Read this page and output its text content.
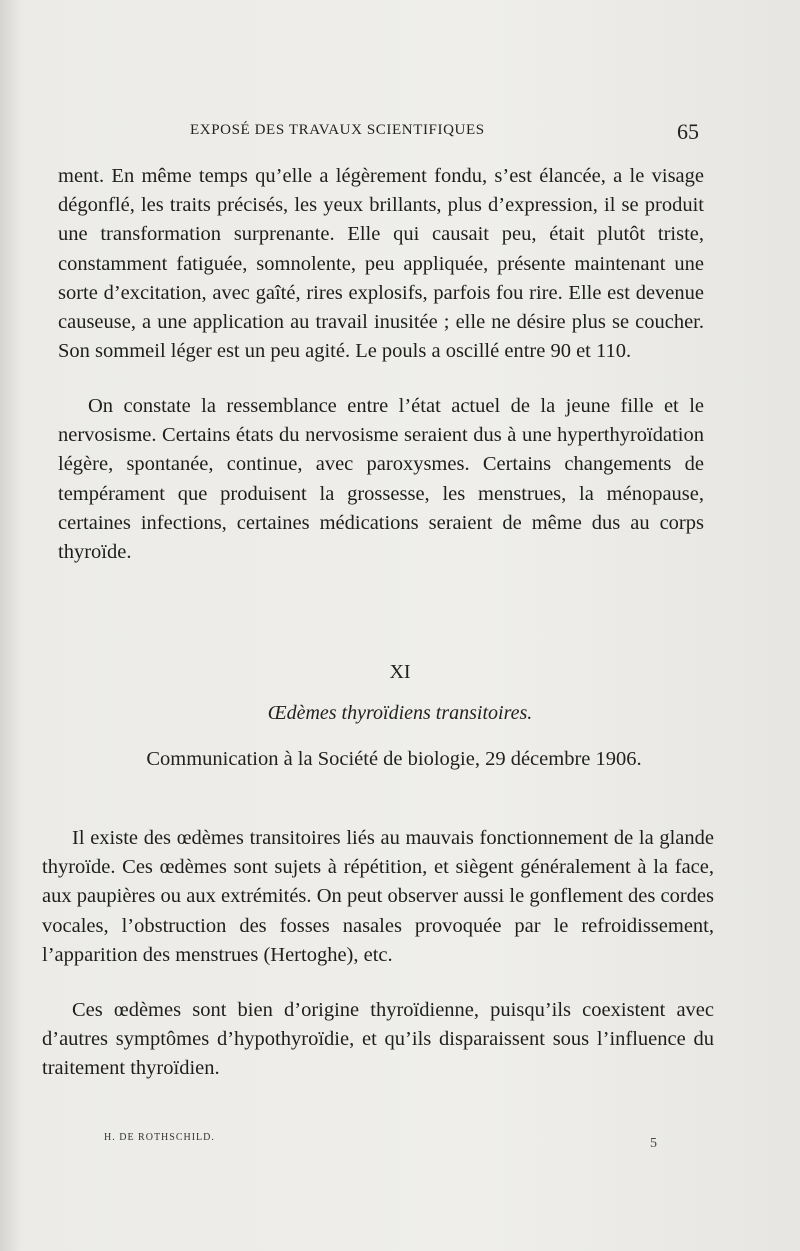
EXPOSÉ DES TRAVAUX SCIENTIFIQUES	65

ment. En même temps qu’elle a légèrement fondu, s’est élancée, a le visage dégonflé, les traits précisés, les yeux brillants, plus d’expression, il se produit une transformation surprenante. Elle qui causait peu, était plutôt triste, constamment fatiguée, somnolente, peu appliquée, présente maintenant une sorte d’excitation, avec gaîté, rires explosifs, parfois fou rire. Elle est devenue causeuse, a une application au travail inusitée ; elle ne désire plus se coucher. Son sommeil léger est un peu agité. Le pouls a oscillé entre 90 et 110.

On constate la ressemblance entre l’état actuel de la jeune fille et le nervosisme. Certains états du nervosisme seraient dus à une hyperthyroïdation légère, spontanée, continue, avec paroxysmes. Certains changements de tempérament que produisent la grossesse, les menstrues, la ménopause, certaines infections, certaines médications seraient de même dus au corps thyroïde.

XI
Œdèmes thyroïdiens transitoires.
Communication à la Société de biologie, 29 décembre 1906.

Il existe des œdèmes transitoires liés au mauvais fonctionnement de la glande thyroïde. Ces œdèmes sont sujets à répétition, et siègent généralement à la face, aux paupières ou aux extrémités. On peut observer aussi le gonflement des cordes vocales, l’obstruction des fosses nasales provoquée par le refroidissement, l’apparition des menstrues (Hertoghe), etc.

Ces œdèmes sont bien d’origine thyroïdienne, puisqu’ils coexistent avec d’autres symptômes d’hypothyroïdie, et qu’ils disparaissent sous l’influence du traitement thyroïdien.

H. DE ROTHSCHILD.	5
